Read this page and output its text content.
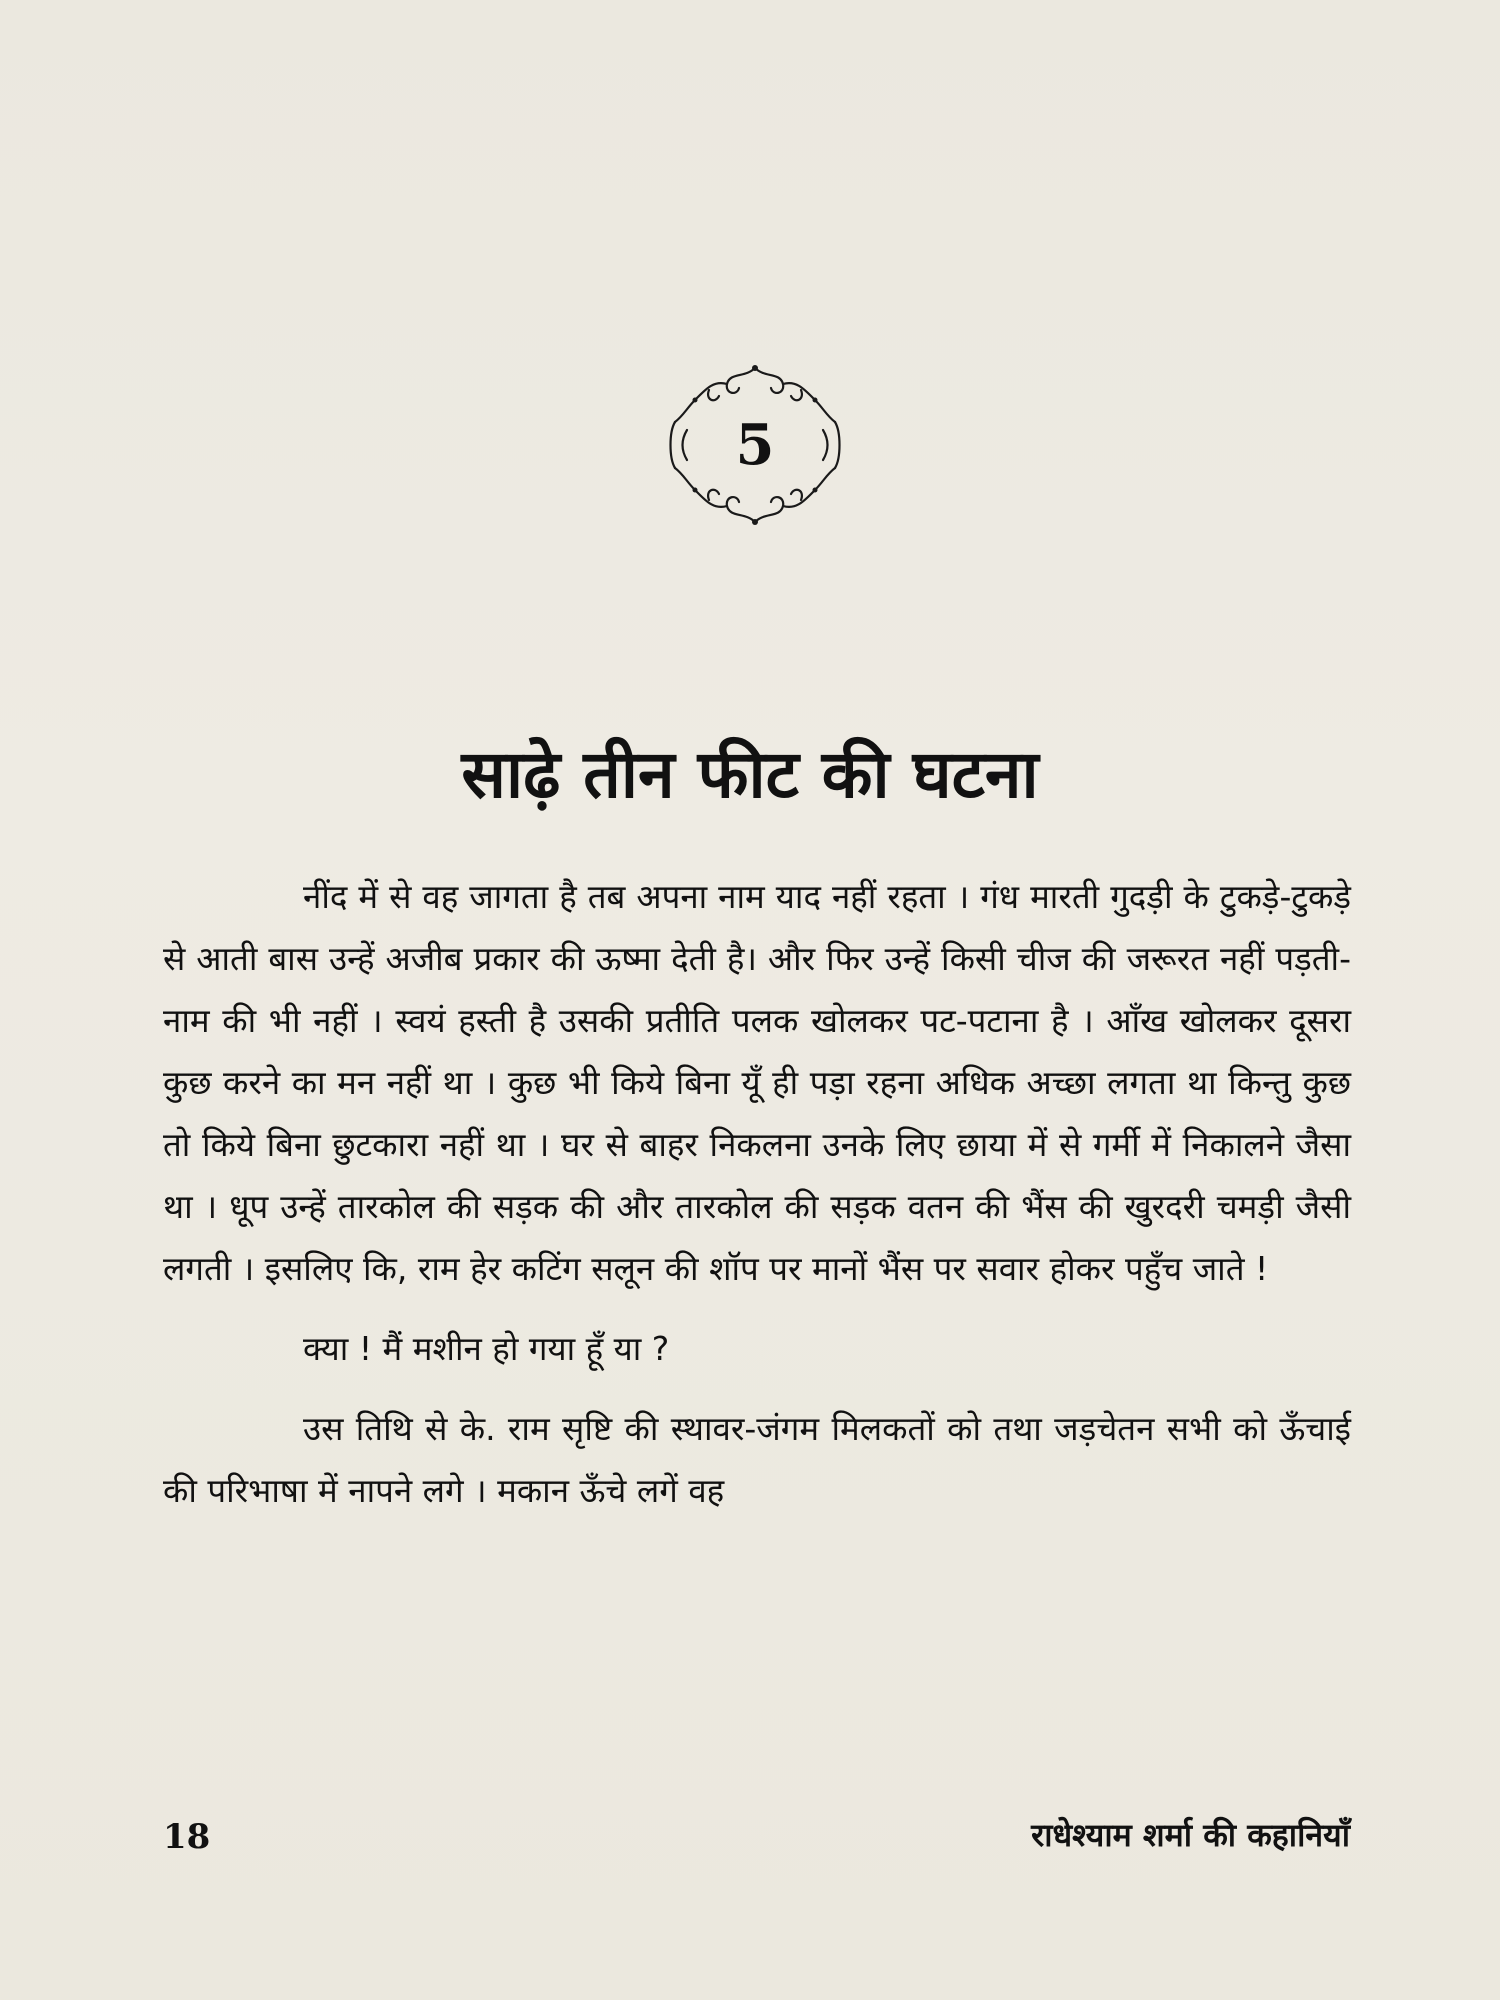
5
साढ़े तीन फीट की घटना

नींद में से वह जागता है तब अपना नाम याद नहीं रहता । गंध मारती गुदड़ी के टुकड़े-टुकड़े से आती बास उन्हें अजीब प्रकार की ऊष्मा देती है। और फिर उन्हें किसी चीज की जरूरत नहीं पड़ती-नाम की भी नहीं । स्वयं हस्ती है उसकी प्रतीति पलक खोलकर पट-पटाना है । आँख खोलकर दूसरा कुछ करने का मन नहीं था । कुछ भी किये बिना यूँ ही पड़ा रहना अधिक अच्छा लगता था किन्तु कुछ तो किये बिना छुटकारा नहीं था । घर से बाहर निकलना उनके लिए छाया में से गर्मी में निकालने जैसा था । धूप उन्हें तारकोल की सड़क की और तारकोल की सड़क वतन की भैंस की खुरदरी चमड़ी जैसी लगती । इसलिए कि, राम हेर कटिंग सलून की शॉप पर मानों भैंस पर सवार होकर पहुँच जाते !

क्या ! मैं मशीन हो गया हूँ या ?

उस तिथि से के. राम सृष्टि की स्थावर-जंगम मिलकतों को तथा जड़चेतन सभी को ऊँचाई की परिभाषा में नापने लगे । मकान ऊँचे लगें वह

18	राधेश्याम शर्मा की कहानियाँ
